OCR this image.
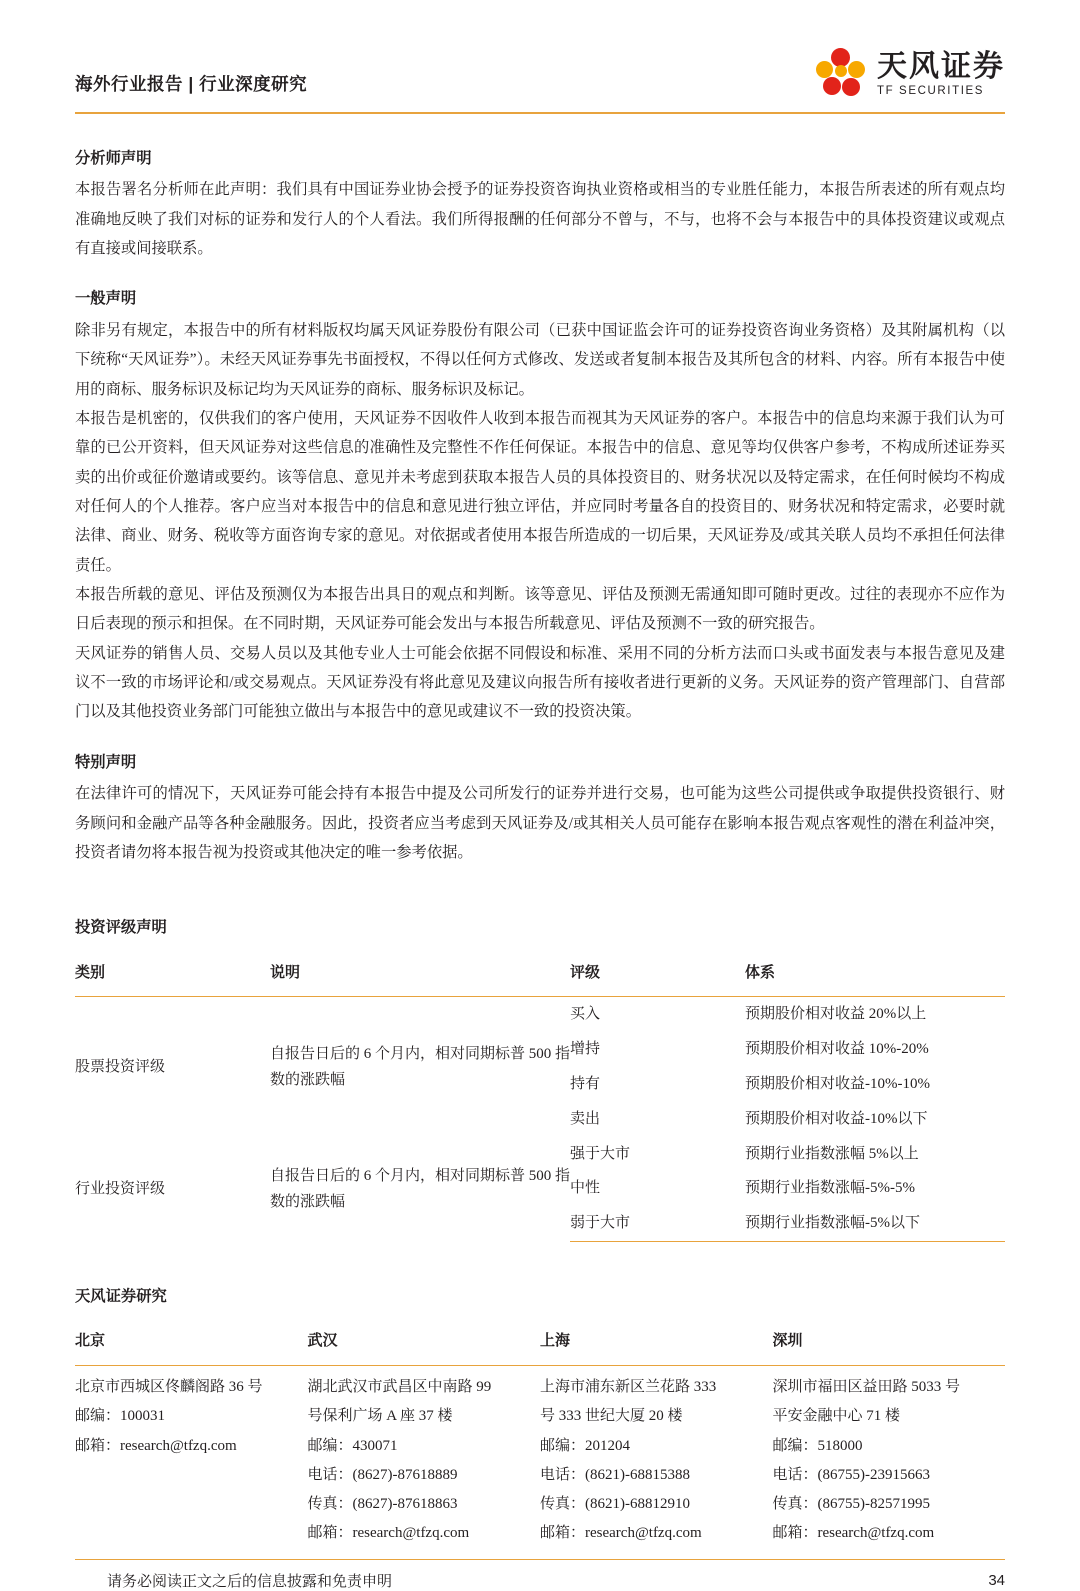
海外行业报告 | 行业深度研究
天风证券
TF SECURITIES
分析师声明

本报告署名分析师在此声明：我们具有中国证券业协会授予的证券投资咨询执业资格或相当的专业胜任能力，本报告所表述的所有观点均准确地反映了我们对标的证券和发行人的个人看法。我们所得报酬的任何部分不曾与，不与，也将不会与本报告中的具体投资建议或观点有直接或间接联系。

一般声明

除非另有规定，本报告中的所有材料版权均属天风证券股份有限公司（已获中国证监会许可的证券投资咨询业务资格）及其附属机构（以下统称“天风证券”）。未经天风证券事先书面授权，不得以任何方式修改、发送或者复制本报告及其所包含的材料、内容。所有本报告中使用的商标、服务标识及标记均为天风证券的商标、服务标识及标记。

本报告是机密的，仅供我们的客户使用，天风证券不因收件人收到本报告而视其为天风证券的客户。本报告中的信息均来源于我们认为可靠的已公开资料，但天风证券对这些信息的准确性及完整性不作任何保证。本报告中的信息、意见等均仅供客户参考，不构成所述证券买卖的出价或征价邀请或要约。该等信息、意见并未考虑到获取本报告人员的具体投资目的、财务状况以及特定需求，在任何时候均不构成对任何人的个人推荐。客户应当对本报告中的信息和意见进行独立评估，并应同时考量各自的投资目的、财务状况和特定需求，必要时就法律、商业、财务、税收等方面咨询专家的意见。对依据或者使用本报告所造成的一切后果，天风证券及/或其关联人员均不承担任何法律责任。

本报告所载的意见、评估及预测仅为本报告出具日的观点和判断。该等意见、评估及预测无需通知即可随时更改。过往的表现亦不应作为日后表现的预示和担保。在不同时期，天风证券可能会发出与本报告所载意见、评估及预测不一致的研究报告。

天风证券的销售人员、交易人员以及其他专业人士可能会依据不同假设和标准、采用不同的分析方法而口头或书面发表与本报告意见及建议不一致的市场评论和/或交易观点。天风证券没有将此意见及建议向报告所有接收者进行更新的义务。天风证券的资产管理部门、自营部门以及其他投资业务部门可能独立做出与本报告中的意见或建议不一致的投资决策。

特别声明

在法律许可的情况下，天风证券可能会持有本报告中提及公司所发行的证券并进行交易，也可能为这些公司提供或争取提供投资银行、财务顾问和金融产品等各种金融服务。因此，投资者应当考虑到天风证券及/或其相关人员可能存在影响本报告观点客观性的潜在利益冲突，投资者请勿将本报告视为投资或其他决定的唯一参考依据。

投资评级声明
类别	说明	评级	体系
股票投资评级	自报告日后的 6 个月内，相对同期标普 500 指数的涨跌幅	买入	预期股价相对收益 20%以上
		增持	预期股价相对收益 10%-20%
		持有	预期股价相对收益-10%-10%
		卖出	预期股价相对收益-10%以下
行业投资评级	自报告日后的 6 个月内，相对同期标普 500 指数的涨跌幅	强于大市	预期行业指数涨幅 5%以上
		中性	预期行业指数涨幅-5%-5%
		弱于大市	预期行业指数涨幅-5%以下
天风证券研究
北京	武汉	上海	深圳

北京市西城区佟麟阁路 36 号
邮编：100031
邮箱：research@tfzq.com

湖北武汉市武昌区中南路 99
号保利广场 A 座 37 楼
邮编：430071
电话：(8627)-87618889
传真：(8627)-87618863
邮箱：research@tfzq.com

上海市浦东新区兰花路 333
号 333 世纪大厦 20 楼
邮编：201204
电话：(8621)-68815388
传真：(8621)-68812910
邮箱：research@tfzq.com

深圳市福田区益田路 5033 号
平安金融中心 71 楼
邮编：518000
电话：(86755)-23915663
传真：(86755)-82571995
邮箱：research@tfzq.com
请务必阅读正文之后的信息披露和免责申明	34
